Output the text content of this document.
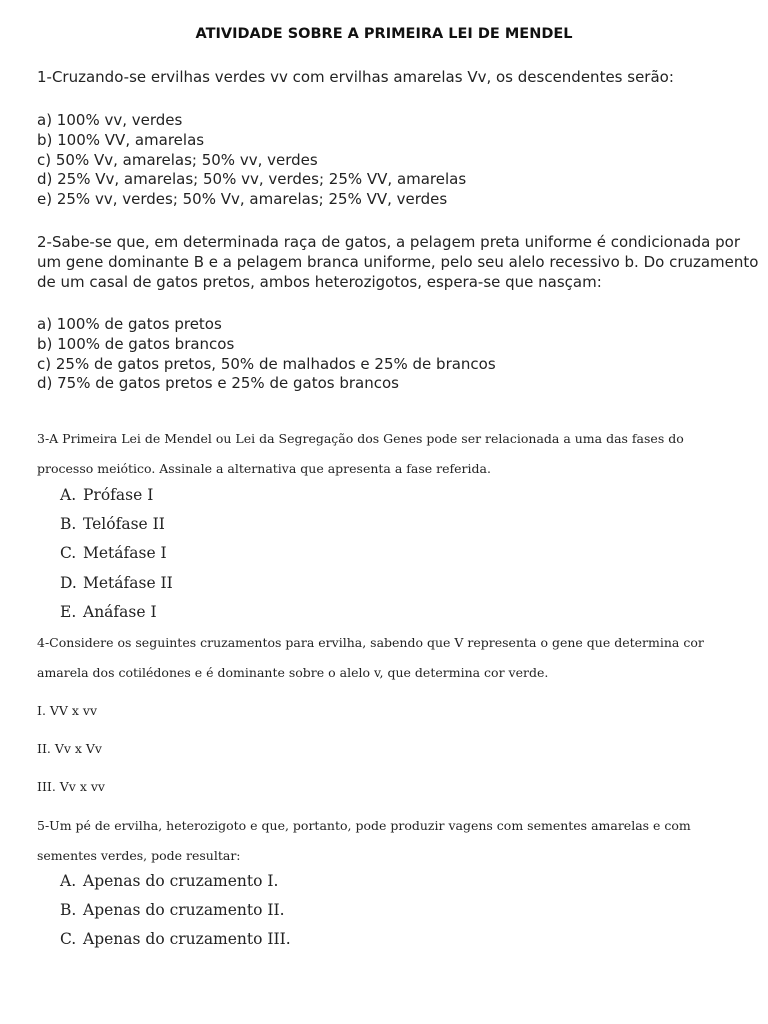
ATIVIDADE SOBRE A PRIMEIRA LEI DE MENDEL
1-Cruzando-se ervilhas verdes vv com ervilhas amarelas Vv, os descendentes serão:
a) 100% vv, verdes
b) 100% VV, amarelas
c) 50% Vv, amarelas; 50% vv, verdes
d) 25% Vv, amarelas; 50% vv, verdes; 25% VV, amarelas
e) 25% vv, verdes; 50% Vv, amarelas; 25% VV, verdes
2-Sabe-se que, em determinada raça de gatos, a pelagem preta uniforme é condicionada por
um gene dominante B e a pelagem branca uniforme, pelo seu alelo recessivo b. Do cruzamento
de um casal de gatos pretos, ambos heterozigotos, espera-se que nasçam:
a) 100% de gatos pretos
b) 100% de gatos brancos
c) 25% de gatos pretos, 50% de malhados e 25% de brancos
d) 75% de gatos pretos e 25% de gatos brancos
3-A Primeira Lei de Mendel ou Lei da Segregação dos Genes pode ser relacionada a uma das fases do
processo meiótico. Assinale a alternativa que apresenta a fase referida.
A. Prófase I
B. Telófase II
C. Metáfase I
D. Metáfase II
E. Anáfase I
4-Considere os seguintes cruzamentos para ervilha, sabendo que V representa o gene que determina cor
amarela dos cotilédones e é dominante sobre o alelo v, que determina cor verde.
I. VV x vv
II. Vv x Vv
III. Vv x vv
5-Um pé de ervilha, heterozigoto e que, portanto, pode produzir vagens com sementes amarelas e com
sementes verdes, pode resultar:
A. Apenas do cruzamento I.
B. Apenas do cruzamento II.
C. Apenas do cruzamento III.
